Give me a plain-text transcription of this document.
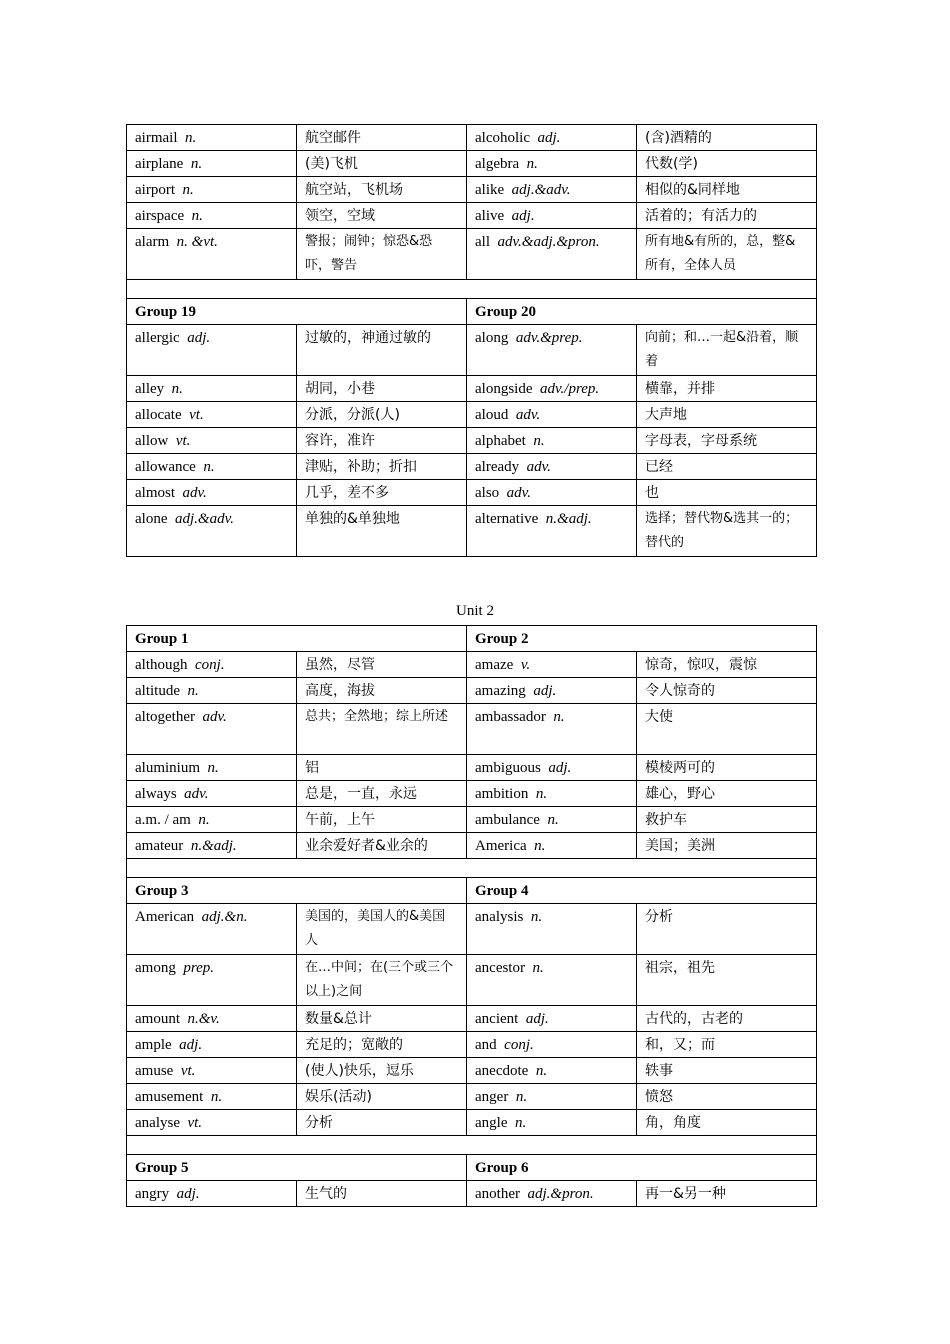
airmail n.	航空邮件	alcoholic adj.	(含)酒精的
airplane n.	(美)飞机	algebra n.	代数(学)
airport n.	航空站，飞机场	alike adj.&adv.	相似的&同样地
airspace n.	领空，空域	alive adj.	活着的；有活力的
alarm n. &vt.	警报；闹钟；惊恐&恐吓，警告	all adv.&adj.&pron.	所有地&有所的，总，整&所有，全体人员

Group 19		Group 20	
allergic adj.	过敏的，神通过敏的	along adv.&prep.	向前；和…一起&沿着，顺着
alley n.	胡同，小巷	alongside adv./prep.	横靠，并排
allocate vt.	分派，分派(人)	aloud adv.	大声地
allow vt.	容许，准许	alphabet n.	字母表，字母系统
allowance n.	津贴，补助；折扣	already adv.	已经
almost adv.	几乎，差不多	also adv.	也
alone adj.&adv.	单独的&单独地	alternative n.&adj.	选择；替代物&选其一的；替代的
Unit 2
Group 1		Group 2	
although conj.	虽然，尽管	amaze v.	惊奇，惊叹，震惊
altitude n.	高度，海拔	amazing adj.	令人惊奇的
altogether adv.	总共；全然地；综上所述	ambassador n.	大使
aluminium n.	铝	ambiguous adj.	模棱两可的
always adv.	总是，一直，永远	ambition n.	雄心，野心
a.m. / am n.	午前，上午	ambulance n.	救护车
amateur n.&adj.	业余爱好者&业余的	America n.	美国；美洲

Group 3		Group 4	
American adj.&n.	美国的，美国人的&美国人	analysis n.	分析
among prep.	在…中间；在(三个或三个以上)之间	ancestor n.	祖宗，祖先
amount n.&v.	数量&总计	ancient adj.	古代的，古老的
ample adj.	充足的；宽敞的	and conj.	和，又；而
amuse vt.	(使人)快乐，逗乐	anecdote n.	轶事
amusement n.	娱乐(活动)	anger n.	愤怒
analyse vt.	分析	angle n.	角，角度

Group 5		Group 6	
angry adj.	生气的	another adj.&pron.	再一&另一种
